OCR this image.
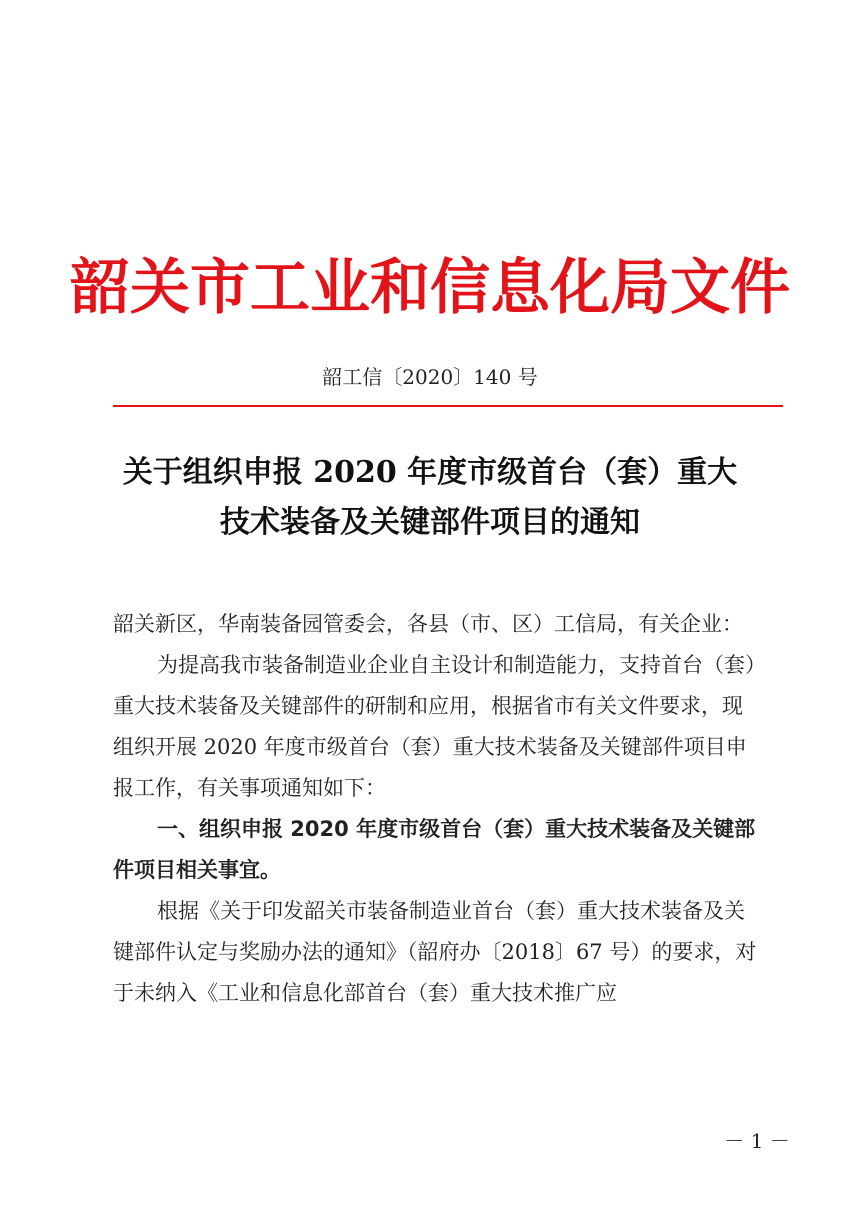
韶关市工业和信息化局文件
韶工信〔2020〕140 号
关于组织申报 2020 年度市级首台（套）重大
技术装备及关键部件项目的通知

韶关新区，华南装备园管委会，各县（市、区）工信局，有关企业：

为提高我市装备制造业企业自主设计和制造能力，支持首台（套）重大技术装备及关键部件的研制和应用，根据省市有关文件要求，现组织开展 2020 年度市级首台（套）重大技术装备及关键部件项目申报工作，有关事项通知如下：

一、组织申报 2020 年度市级首台（套）重大技术装备及关键部件项目相关事宜。

根据《关于印发韶关市装备制造业首台（套）重大技术装备及关键部件认定与奖励办法的通知》（韶府办〔2018〕67 号）的要求，对于未纳入《工业和信息化部首台（套）重大技术推广应

－ 1 －
